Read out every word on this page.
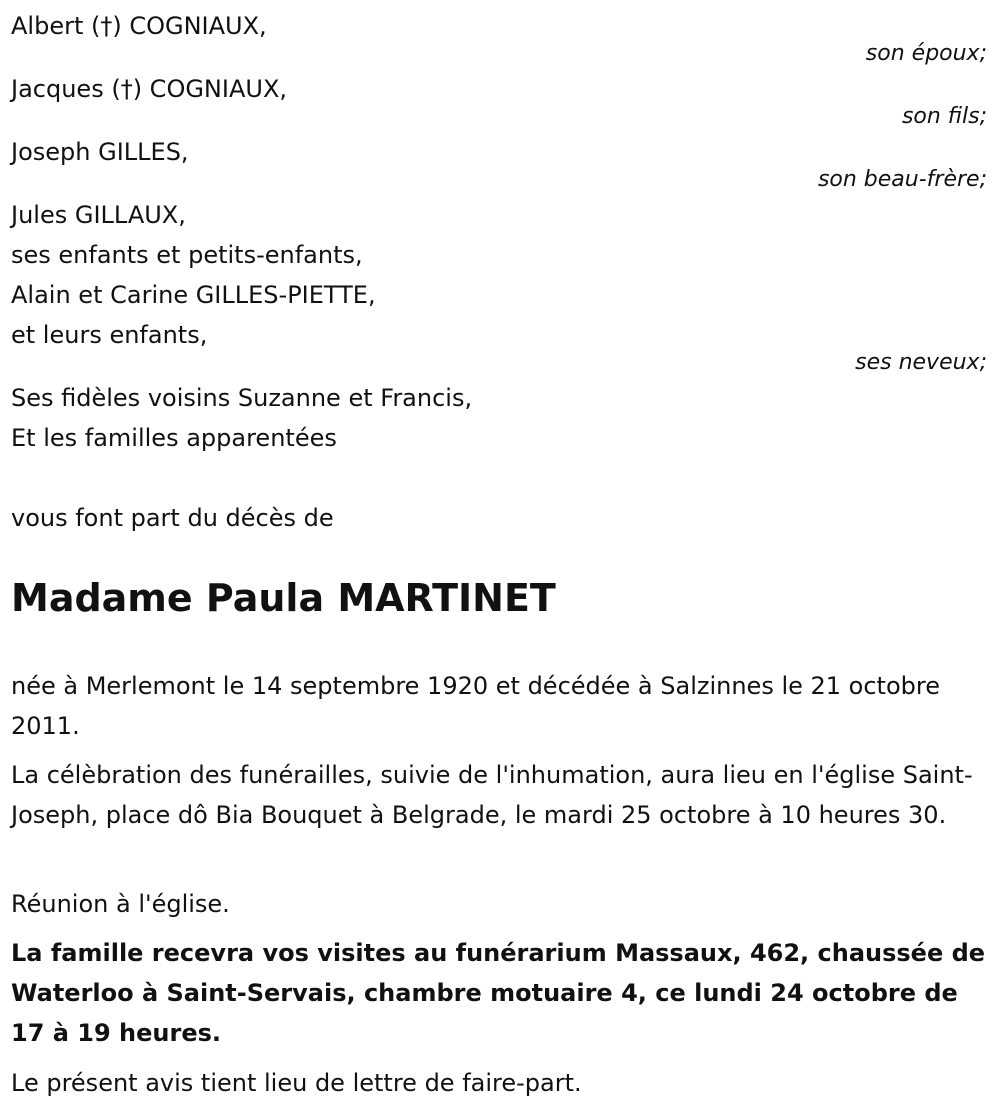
Albert (†) COGNIAUX,
son époux;
Jacques (†) COGNIAUX,
son fils;
Joseph GILLES,
son beau-frère;
Jules GILLAUX,
ses enfants et petits-enfants,
Alain et Carine GILLES-PIETTE,
et leurs enfants,
ses neveux;
Ses fidèles voisins Suzanne et Francis,
Et les familles apparentées
vous font part du décès de
Madame Paula MARTINET
née à Merlemont le 14 septembre 1920 et décédée à Salzinnes le 21 octobre 2011.
La célèbration des funérailles, suivie de l'inhumation, aura lieu en l'église Saint-Joseph, place dô Bia Bouquet à Belgrade, le mardi 25 octobre à 10 heures 30.
Réunion à l'église.
La famille recevra vos visites au funérarium Massaux, 462, chaussée de Waterloo à Saint-Servais, chambre motuaire 4, ce lundi 24 octobre de 17 à 19 heures.
Le présent avis tient lieu de lettre de faire-part.
